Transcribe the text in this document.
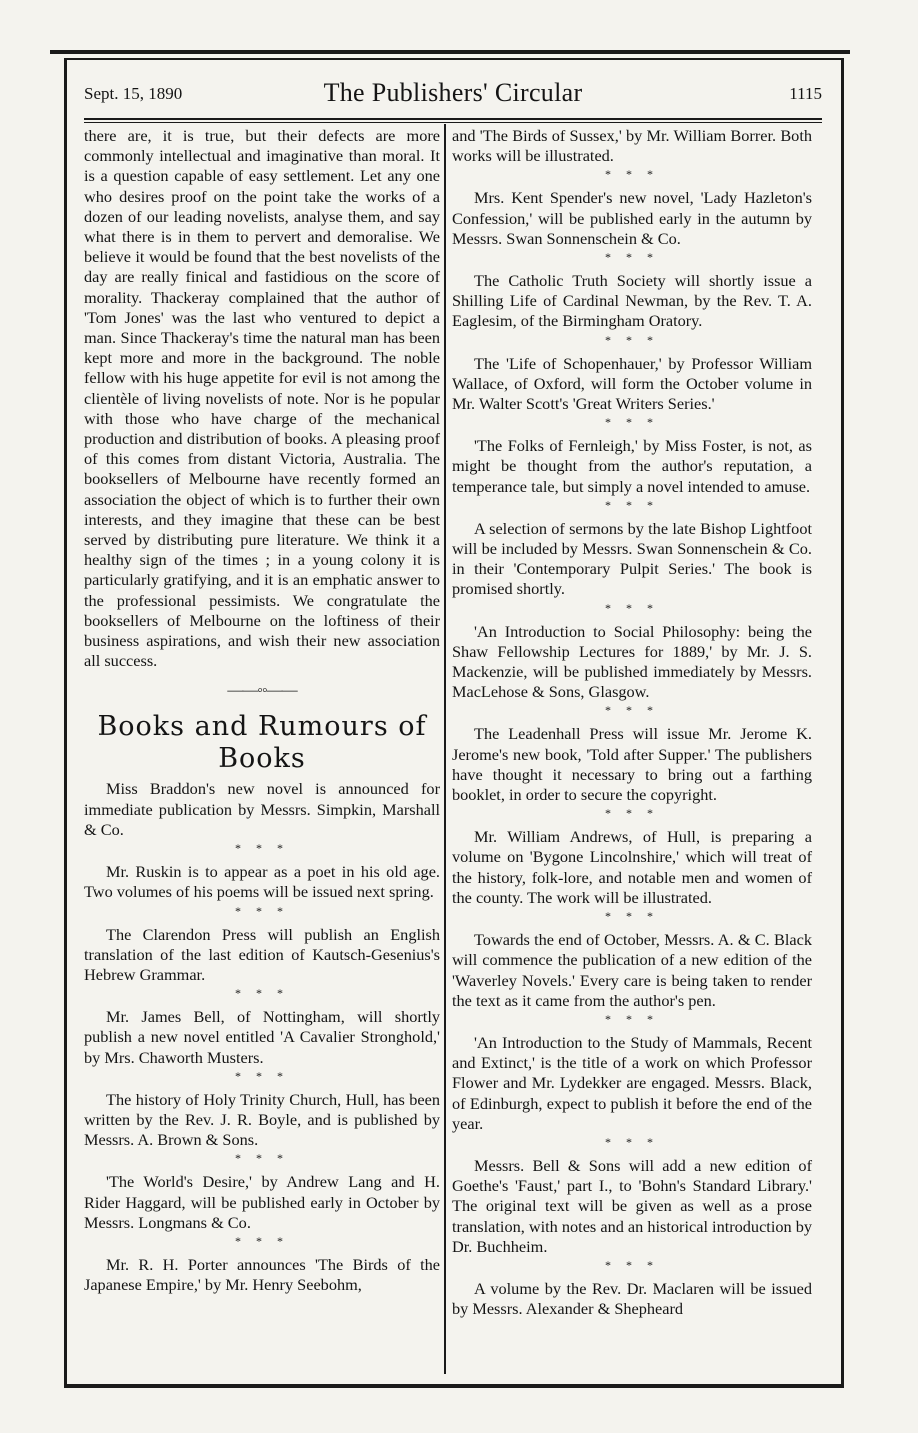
Sept. 15, 1890	The Publishers' Circular	1115

there are, it is true, but their defects are more commonly intellectual and imaginative than moral. It is a question capable of easy settlement. Let any one who desires proof on the point take the works of a dozen of our leading novelists, analyse them, and say what there is in them to pervert and demoralise. We believe it would be found that the best novelists of the day are really finical and fastidious on the score of morality. Thackeray complained that the author of 'Tom Jones' was the last who ventured to depict a man. Since Thackeray's time the natural man has been kept more and more in the background. The noble fellow with his huge appetite for evil is not among the clientèle of living novelists of note. Nor is he popular with those who have charge of the mechanical production and distribution of books. A pleasing proof of this comes from distant Victoria, Australia. The booksellers of Melbourne have recently formed an association the object of which is to further their own interests, and they imagine that these can be best served by distributing pure literature. We think it a healthy sign of the times ; in a young colony it is particularly gratifying, and it is an emphatic answer to the professional pessimists. We congratulate the booksellers of Melbourne on the loftiness of their business aspirations, and wish their new association all success.

——◦◦——
Books and Rumours of
Books

Miss Braddon's new novel is announced for immediate publication by Messrs. Simpkin, Marshall & Co.

* * *

Mr. Ruskin is to appear as a poet in his old age. Two volumes of his poems will be issued next spring.

* * *

The Clarendon Press will publish an English translation of the last edition of Kautsch-Gesenius's Hebrew Grammar.

* * *

Mr. James Bell, of Nottingham, will shortly publish a new novel entitled 'A Cavalier Stronghold,' by Mrs. Chaworth Musters.

* * *

The history of Holy Trinity Church, Hull, has been written by the Rev. J. R. Boyle, and is published by Messrs. A. Brown & Sons.

* * *

'The World's Desire,' by Andrew Lang and H. Rider Haggard, will be published early in October by Messrs. Longmans & Co.

* * *

Mr. R. H. Porter announces 'The Birds of the Japanese Empire,' by Mr. Henry Seebohm,

and 'The Birds of Sussex,' by Mr. William Borrer. Both works will be illustrated.

* * *

Mrs. Kent Spender's new novel, 'Lady Hazleton's Confession,' will be published early in the autumn by Messrs. Swan Sonnenschein & Co.

* * *

The Catholic Truth Society will shortly issue a Shilling Life of Cardinal Newman, by the Rev. T. A. Eaglesim, of the Birmingham Oratory.

* * *

The 'Life of Schopenhauer,' by Professor William Wallace, of Oxford, will form the October volume in Mr. Walter Scott's 'Great Writers Series.'

* * *

'The Folks of Fernleigh,' by Miss Foster, is not, as might be thought from the author's reputation, a temperance tale, but simply a novel intended to amuse.

* * *

A selection of sermons by the late Bishop Lightfoot will be included by Messrs. Swan Sonnenschein & Co. in their 'Contemporary Pulpit Series.' The book is promised shortly.

* * *

'An Introduction to Social Philosophy: being the Shaw Fellowship Lectures for 1889,' by Mr. J. S. Mackenzie, will be published immediately by Messrs. MacLehose & Sons, Glasgow.

* * *

The Leadenhall Press will issue Mr. Jerome K. Jerome's new book, 'Told after Supper.' The publishers have thought it necessary to bring out a farthing booklet, in order to secure the copyright.

* * *

Mr. William Andrews, of Hull, is preparing a volume on 'Bygone Lincolnshire,' which will treat of the history, folk-lore, and notable men and women of the county. The work will be illustrated.

* * *

Towards the end of October, Messrs. A. & C. Black will commence the publication of a new edition of the 'Waverley Novels.' Every care is being taken to render the text as it came from the author's pen.

* * *

'An Introduction to the Study of Mammals, Recent and Extinct,' is the title of a work on which Professor Flower and Mr. Lydekker are engaged. Messrs. Black, of Edinburgh, expect to publish it before the end of the year.

* * *

Messrs. Bell & Sons will add a new edition of Goethe's 'Faust,' part I., to 'Bohn's Standard Library.' The original text will be given as well as a prose translation, with notes and an historical introduction by Dr. Buchheim.

* * *

A volume by the Rev. Dr. Maclaren will be issued by Messrs. Alexander & Shepheard
